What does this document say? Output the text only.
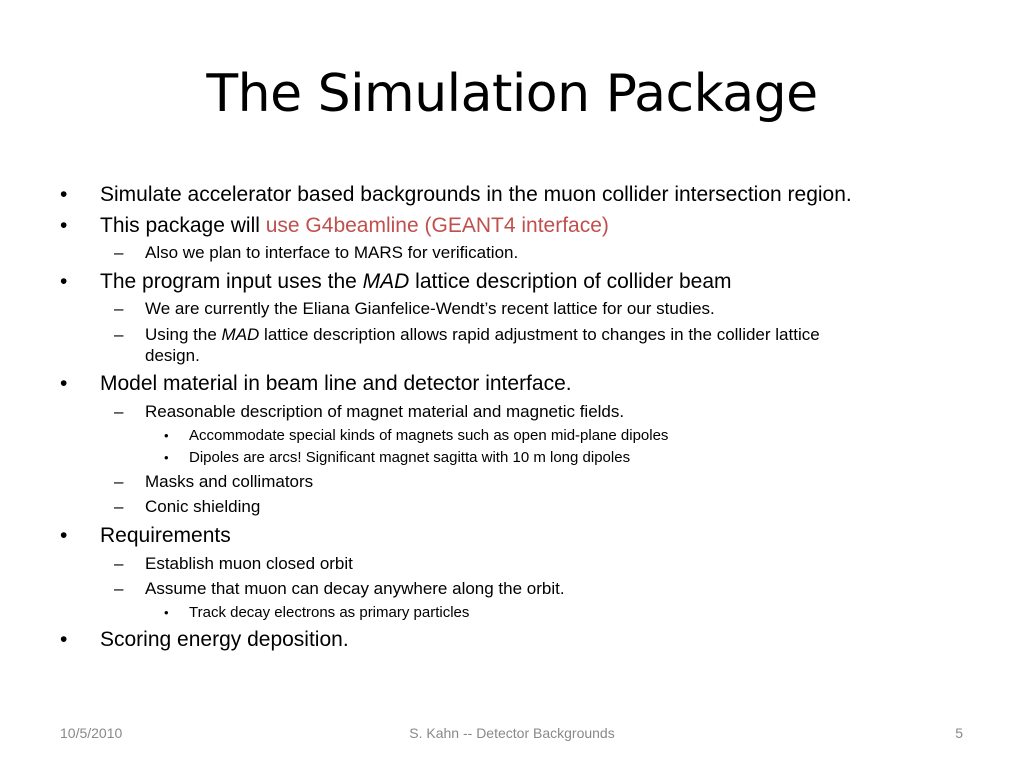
The Simulation Package
• Simulate accelerator based backgrounds in the muon collider intersection region.
• This package will use G4beamline (GEANT4 interface)
– Also we plan to interface to MARS for verification.
• The program input uses the MAD lattice description of collider beam
– We are currently the Eliana Gianfelice-Wendt’s recent lattice for our studies.
– Using the MAD lattice description allows rapid adjustment to changes in the collider lattice
design.
• Model material in beam line and detector interface.
– Reasonable description of magnet material and magnetic fields.
• Accommodate special kinds of magnets such as open mid-plane dipoles
• Dipoles are arcs! Significant magnet sagitta with 10 m long dipoles
– Masks and collimators
– Conic shielding
• Requirements
– Establish muon closed orbit
– Assume that muon can decay anywhere along the orbit.
• Track decay electrons as primary particles
• Scoring energy deposition.
10/5/2010	S. Kahn -- Detector Backgrounds	5
